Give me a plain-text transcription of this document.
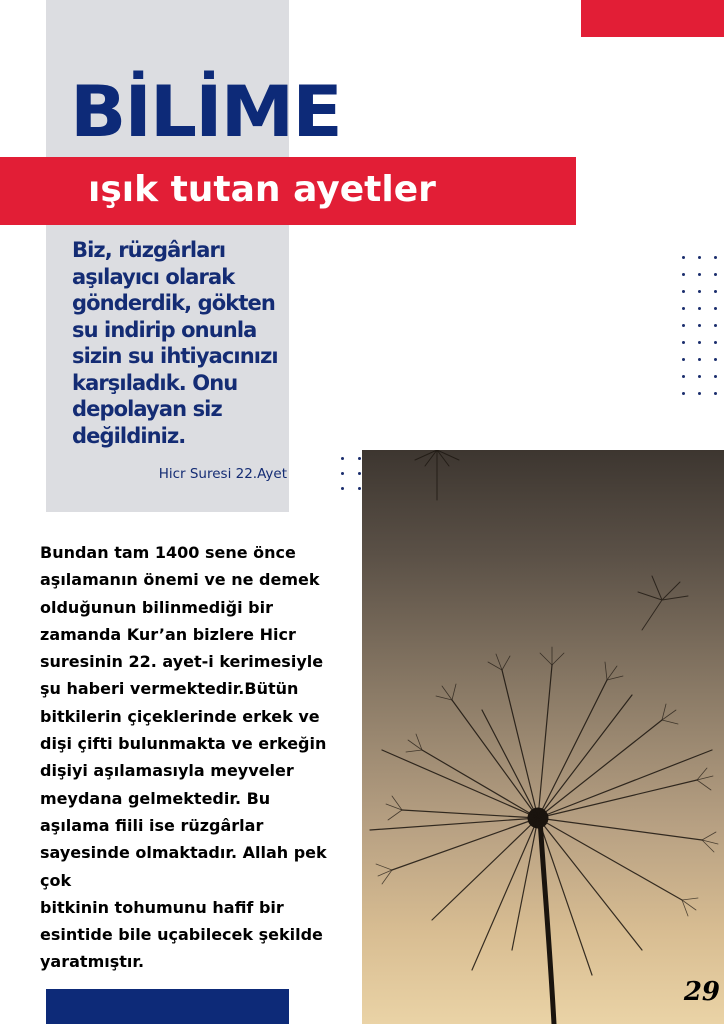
BİLİME
ışık tutan ayetler
Biz, rüzgârları
aşılayıcı olarak
gönderdik, gökten
su indirip onunla
sizin su ihtiyacınızı
karşıladık. Onu
depolayan siz
değildiniz.
Hicr Suresi 22.Ayet
Bundan tam 1400 sene önce
aşılamanın önemi ve ne demek
olduğunun bilinmediği bir
zamanda Kur’an bizlere Hicr
suresinin 22. ayet-i kerimesiyle
şu haberi vermektedir.Bütün
bitkilerin çiçeklerinde erkek ve
dişi çifti bulunmakta ve erkeğin
dişiyi aşılamasıyla meyveler
meydana gelmektedir. Bu
aşılama fiili ise rüzgârlar
sayesinde olmaktadır. Allah pek
çok
bitkinin tohumunu hafif bir
esintide bile uçabilecek şekilde
yaratmıştır.
29
